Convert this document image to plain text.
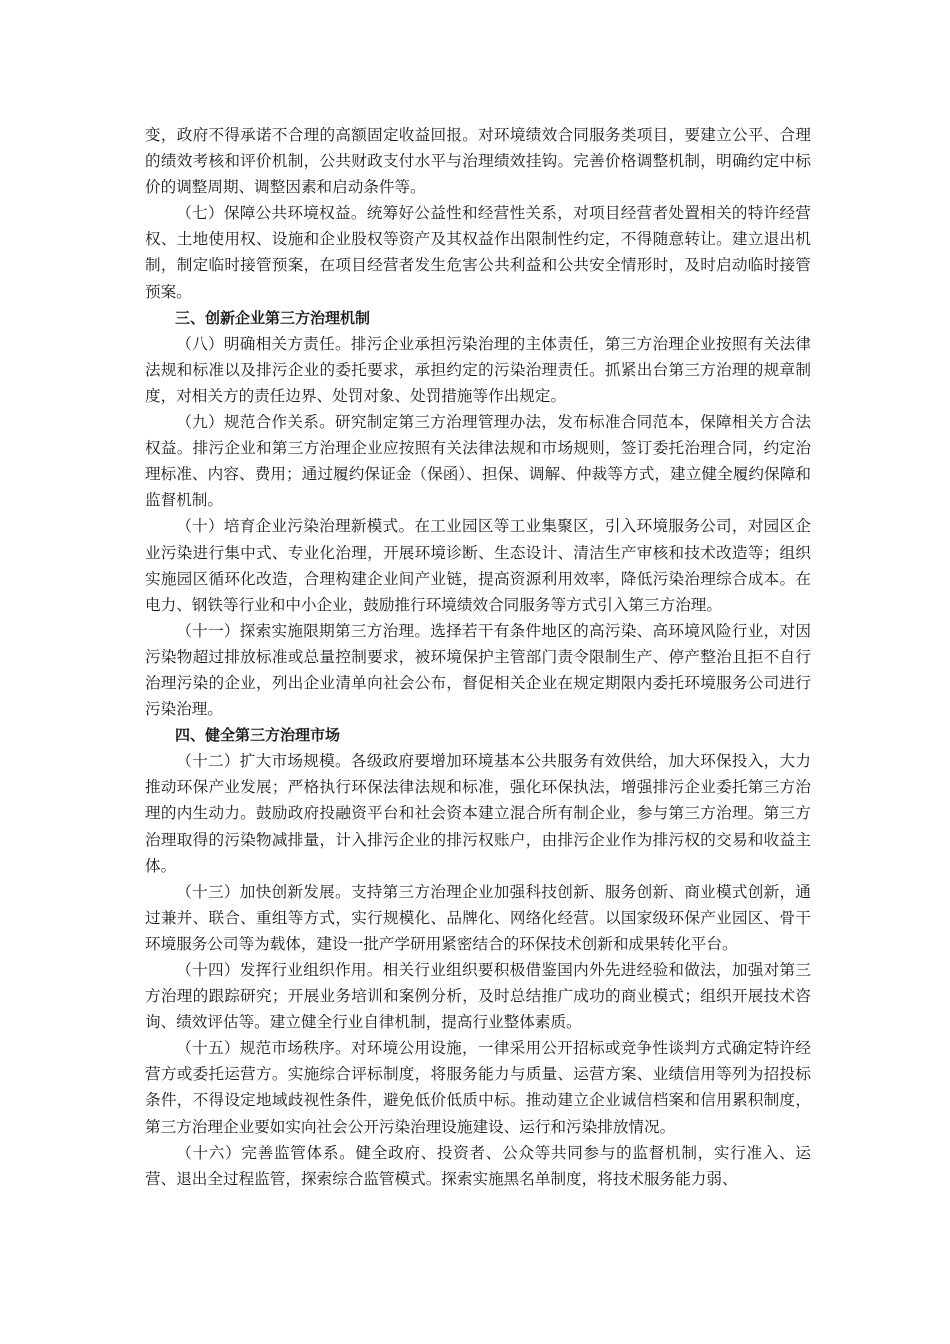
变，政府不得承诺不合理的高额固定收益回报。对环境绩效合同服务类项目，要建立公平、合理的绩效考核和评价机制，公共财政支付水平与治理绩效挂钩。完善价格调整机制，明确约定中标价的调整周期、调整因素和启动条件等。

（七）保障公共环境权益。统筹好公益性和经营性关系，对项目经营者处置相关的特许经营权、土地使用权、设施和企业股权等资产及其权益作出限制性约定，不得随意转让。建立退出机制，制定临时接管预案，在项目经营者发生危害公共利益和公共安全情形时，及时启动临时接管预案。

三、创新企业第三方治理机制

（八）明确相关方责任。排污企业承担污染治理的主体责任，第三方治理企业按照有关法律法规和标准以及排污企业的委托要求，承担约定的污染治理责任。抓紧出台第三方治理的规章制度，对相关方的责任边界、处罚对象、处罚措施等作出规定。

（九）规范合作关系。研究制定第三方治理管理办法，发布标准合同范本，保障相关方合法权益。排污企业和第三方治理企业应按照有关法律法规和市场规则，签订委托治理合同，约定治理标准、内容、费用；通过履约保证金（保函）、担保、调解、仲裁等方式，建立健全履约保障和监督机制。

（十）培育企业污染治理新模式。在工业园区等工业集聚区，引入环境服务公司，对园区企业污染进行集中式、专业化治理，开展环境诊断、生态设计、清洁生产审核和技术改造等；组织实施园区循环化改造，合理构建企业间产业链，提高资源利用效率，降低污染治理综合成本。在电力、钢铁等行业和中小企业，鼓励推行环境绩效合同服务等方式引入第三方治理。

（十一）探索实施限期第三方治理。选择若干有条件地区的高污染、高环境风险行业，对因污染物超过排放标准或总量控制要求，被环境保护主管部门责令限制生产、停产整治且拒不自行治理污染的企业，列出企业清单向社会公布，督促相关企业在规定期限内委托环境服务公司进行污染治理。

四、健全第三方治理市场

（十二）扩大市场规模。各级政府要增加环境基本公共服务有效供给，加大环保投入，大力推动环保产业发展；严格执行环保法律法规和标准，强化环保执法，增强排污企业委托第三方治理的内生动力。鼓励政府投融资平台和社会资本建立混合所有制企业，参与第三方治理。第三方治理取得的污染物减排量，计入排污企业的排污权账户，由排污企业作为排污权的交易和收益主体。

（十三）加快创新发展。支持第三方治理企业加强科技创新、服务创新、商业模式创新，通过兼并、联合、重组等方式，实行规模化、品牌化、网络化经营。以国家级环保产业园区、骨干环境服务公司等为载体，建设一批产学研用紧密结合的环保技术创新和成果转化平台。

（十四）发挥行业组织作用。相关行业组织要积极借鉴国内外先进经验和做法，加强对第三方治理的跟踪研究；开展业务培训和案例分析，及时总结推广成功的商业模式；组织开展技术咨询、绩效评估等。建立健全行业自律机制，提高行业整体素质。

（十五）规范市场秩序。对环境公用设施，一律采用公开招标或竞争性谈判方式确定特许经营方或委托运营方。实施综合评标制度，将服务能力与质量、运营方案、业绩信用等列为招投标条件，不得设定地域歧视性条件，避免低价低质中标。推动建立企业诚信档案和信用累积制度，第三方治理企业要如实向社会公开污染治理设施建设、运行和污染排放情况。

（十六）完善监管体系。健全政府、投资者、公众等共同参与的监督机制，实行准入、运营、退出全过程监管，探索综合监管模式。探索实施黑名单制度，将技术服务能力弱、
